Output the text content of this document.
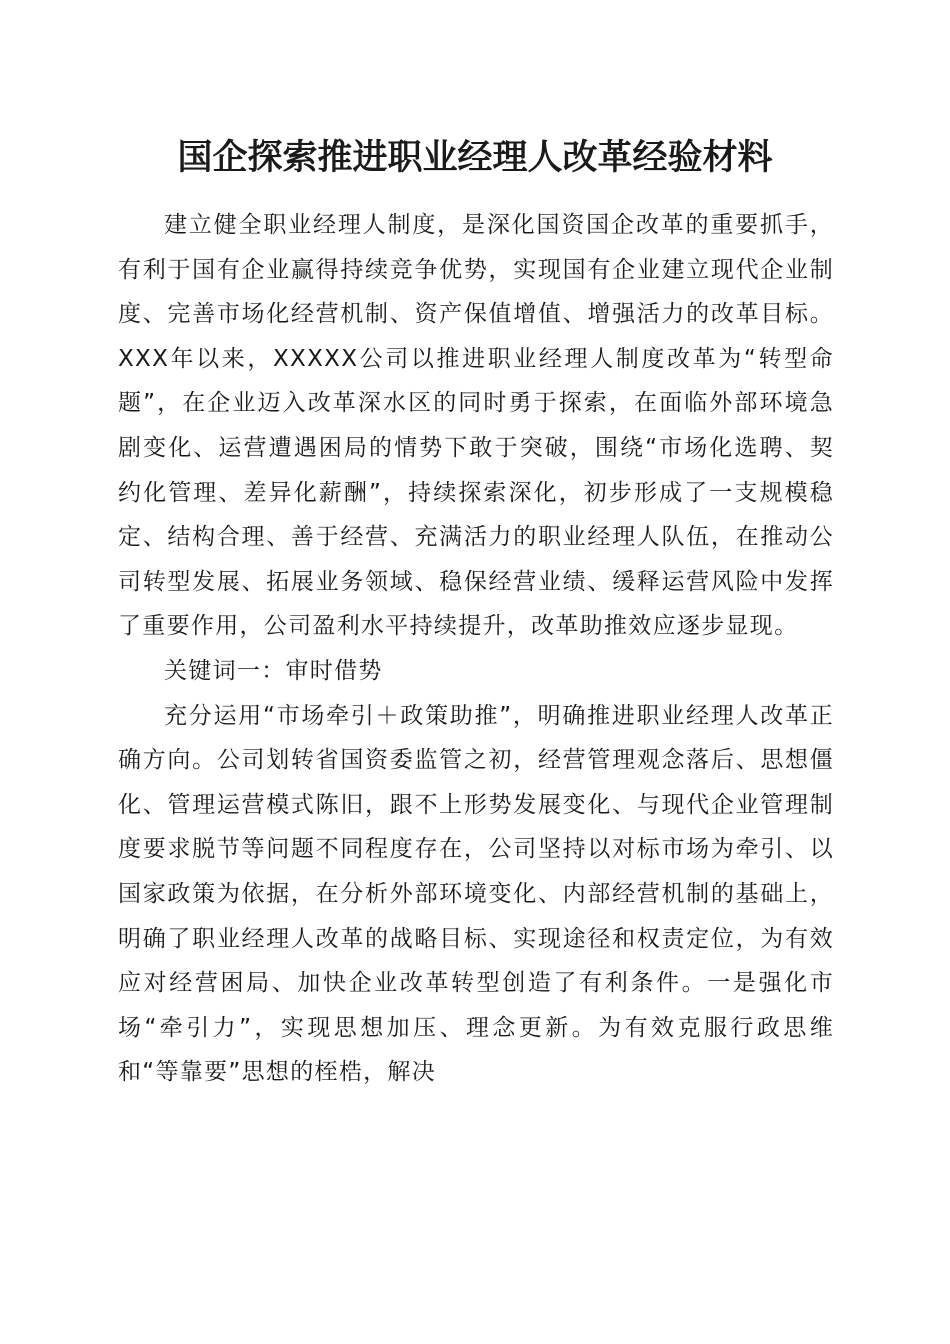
国企探索推进职业经理人改革经验材料

建立健全职业经理人制度，是深化国资国企改革的重要抓手，有利于国有企业赢得持续竞争优势，实现国有企业建立现代企业制度、完善市场化经营机制、资产保值增值、增强活力的改革目标。XXX年以来，XXXXX公司以推进职业经理人制度改革为“转型命题”，在企业迈入改革深水区的同时勇于探索，在面临外部环境急剧变化、运营遭遇困局的情势下敢于突破，围绕“市场化选聘、契约化管理、差异化薪酬”，持续探索深化，初步形成了一支规模稳定、结构合理、善于经营、充满活力的职业经理人队伍，在推动公司转型发展、拓展业务领域、稳保经营业绩、缓释运营风险中发挥了重要作用，公司盈利水平持续提升，改革助推效应逐步显现。

关键词一：审时借势

充分运用“市场牵引＋政策助推”，明确推进职业经理人改革正确方向。公司划转省国资委监管之初，经营管理观念落后、思想僵化、管理运营模式陈旧，跟不上形势发展变化、与现代企业管理制度要求脱节等问题不同程度存在，公司坚持以对标市场为牵引、以国家政策为依据，在分析外部环境变化、内部经营机制的基础上，明确了职业经理人改革的战略目标、实现途径和权责定位，为有效应对经营困局、加快企业改革转型创造了有利条件。一是强化市场“牵引力”，实现思想加压、理念更新。为有效克服行政思维和“等靠要”思想的桎梏，解决
